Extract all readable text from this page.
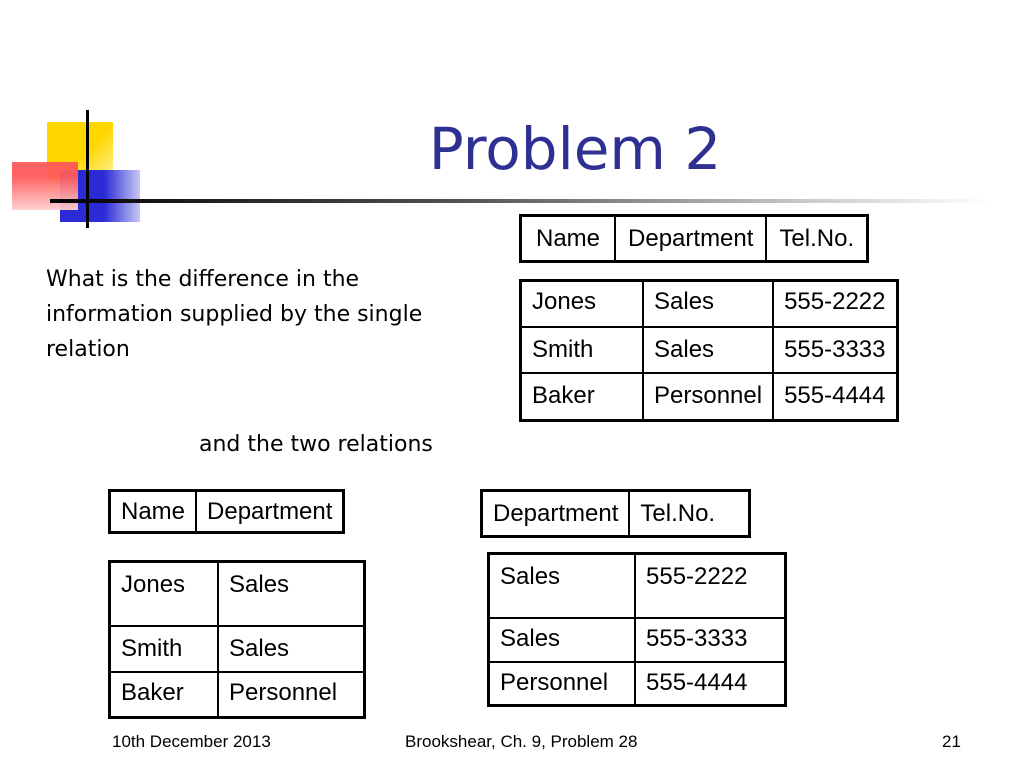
Problem 2
What is the difference in the information supplied by the single relation
and the two relations
Name	Department	Tel.No.
Jones	Sales	555-2222
Smith	Sales	555-3333
Baker	Personnel	555-4444
Name	Department
Jones	Sales
Smith	Sales
Baker	Personnel
Department	Tel.No.
Sales	555-2222
Sales	555-3333
Personnel	555-4444
10th December 2013	Brookshear, Ch. 9, Problem 28	21
